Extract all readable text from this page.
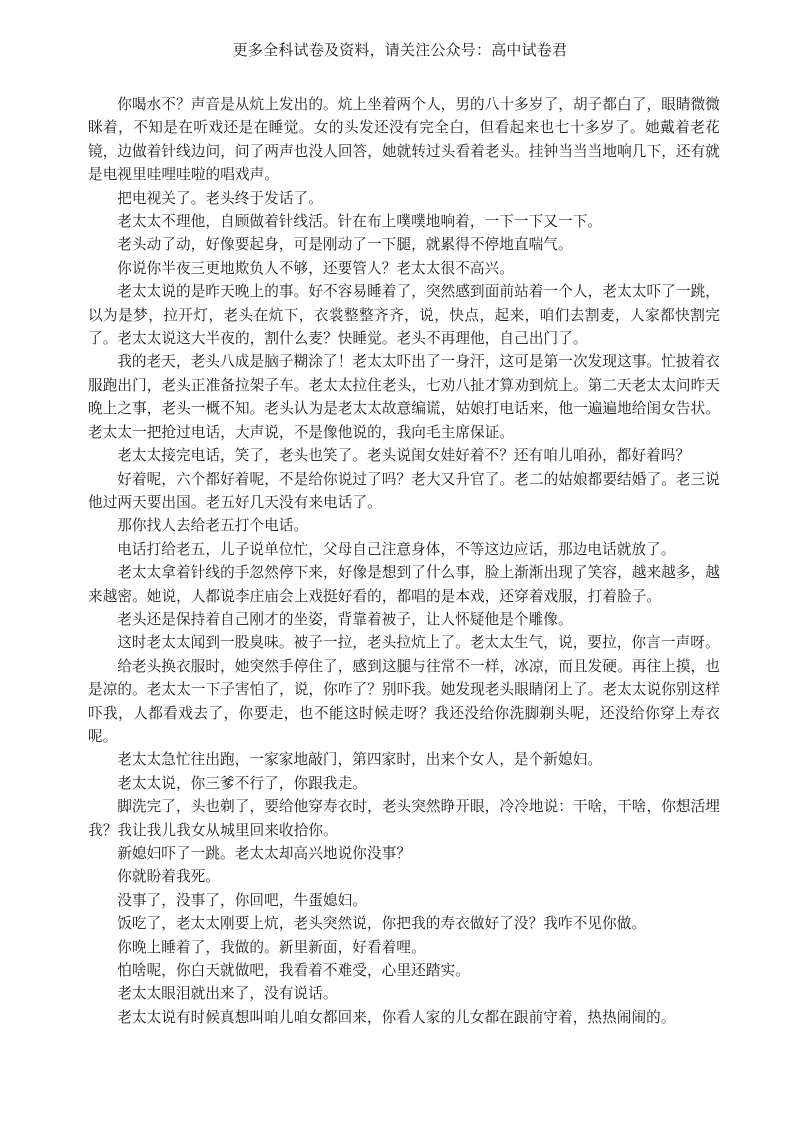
更多全科试卷及资料，请关注公众号：高中试卷君

你喝水不？声音是从炕上发出的。炕上坐着两个人，男的八十多岁了，胡子都白了，眼睛微微眯着，不知是在听戏还是在睡觉。女的头发还没有完全白，但看起来也七十多岁了。她戴着老花镜，边做着针线边问，问了两声也没人回答，她就转过头看着老头。挂钟当当当地响几下，还有就是电视里哇哩哇啦的唱戏声。

把电视关了。老头终于发话了。

老太太不理他，自顾做着针线活。针在布上噗噗地响着，一下一下又一下。

老头动了动，好像要起身，可是刚动了一下腿，就累得不停地直喘气。

你说你半夜三更地欺负人不够，还要管人？老太太很不高兴。

老太太说的是昨天晚上的事。好不容易睡着了，突然感到面前站着一个人，老太太吓了一跳，以为是梦，拉开灯，老头在炕下，衣裳整整齐齐，说，快点，起来，咱们去割麦，人家都快割完了。老太太说这大半夜的，割什么麦？快睡觉。老头不再理他，自己出门了。

我的老天，老头八成是脑子糊涂了！老太太吓出了一身汗，这可是第一次发现这事。忙披着衣服跑出门，老头正准备拉架子车。老太太拉住老头，七劝八扯才算劝到炕上。第二天老太太问昨天晚上之事，老头一概不知。老头认为是老太太故意编谎，姑娘打电话来，他一遍遍地给闺女告状。老太太一把抢过电话，大声说，不是像他说的，我向毛主席保证。

老太太接完电话，笑了，老头也笑了。老头说闺女娃好着不？还有咱儿咱孙，都好着吗？

好着呢，六个都好着呢，不是给你说过了吗？老大又升官了。老二的姑娘都要结婚了。老三说他过两天要出国。老五好几天没有来电话了。

那你找人去给老五打个电话。

电话打给老五，儿子说单位忙，父母自己注意身体，不等这边应话，那边电话就放了。

老太太拿着针线的手忽然停下来，好像是想到了什么事，脸上渐渐出现了笑容，越来越多，越来越密。她说，人都说李庄庙会上戏挺好看的，都唱的是本戏，还穿着戏服，打着脸子。

老头还是保持着自己刚才的坐姿，背靠着被子，让人怀疑他是个雕像。

这时老太太闻到一股臭味。被子一拉，老头拉炕上了。老太太生气，说，要拉，你言一声呀。

给老头换衣服时，她突然手停住了，感到这腿与往常不一样，冰凉，而且发硬。再往上摸，也是凉的。老太太一下子害怕了，说，你咋了？别吓我。她发现老头眼睛闭上了。老太太说你别这样吓我，人都看戏去了，你要走，也不能这时候走呀？我还没给你洗脚剃头呢，还没给你穿上寿衣呢。

老太太急忙往出跑，一家家地敲门，第四家时，出来个女人，是个新媳妇。

老太太说，你三爹不行了，你跟我走。

脚洗完了，头也剃了，要给他穿寿衣时，老头突然睁开眼，冷冷地说：干啥，干啥，你想活埋我？我让我儿我女从城里回来收拾你。

新媳妇吓了一跳。老太太却高兴地说你没事？

你就盼着我死。

没事了，没事了，你回吧，牛蛋媳妇。

饭吃了，老太太刚要上炕，老头突然说，你把我的寿衣做好了没？我咋不见你做。

你晚上睡着了，我做的。新里新面，好看着哩。

怕啥呢，你白天就做吧，我看着不难受，心里还踏实。

老太太眼泪就出来了，没有说话。

老太太说有时候真想叫咱儿咱女都回来，你看人家的儿女都在跟前守着，热热闹闹的。
